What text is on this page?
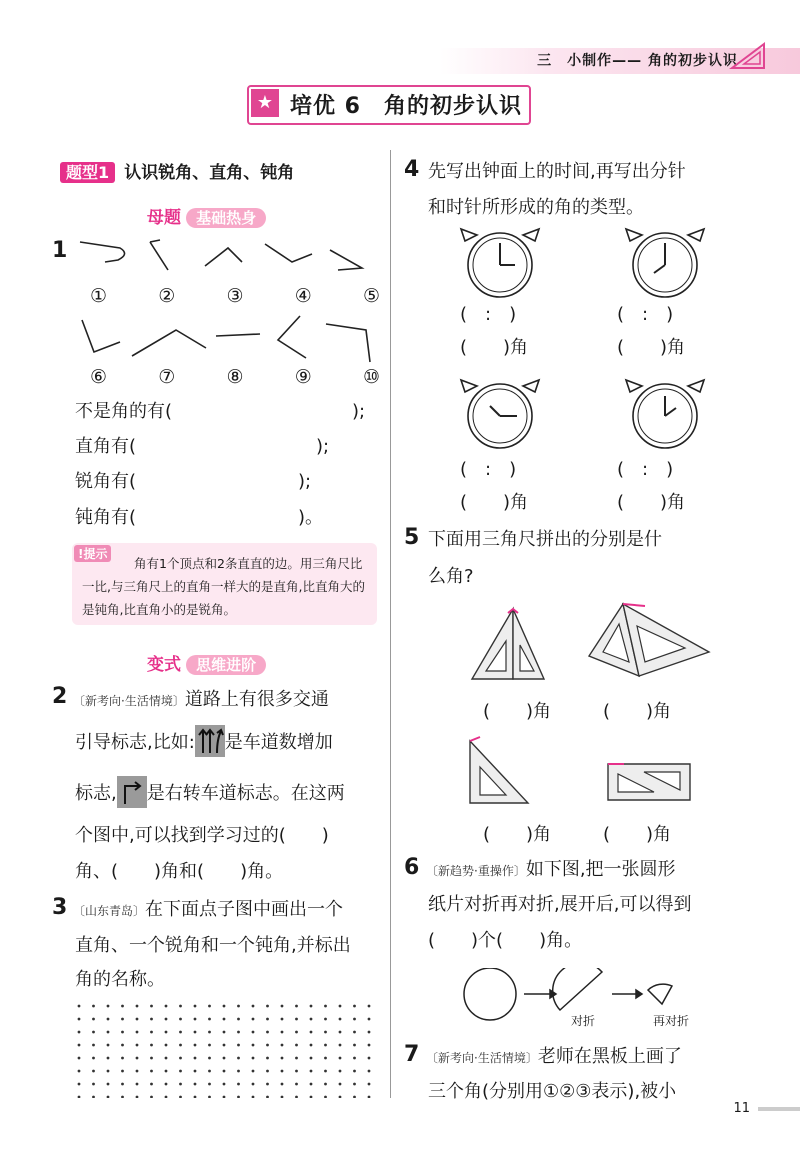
三　小制作—— 角的初步认识
★ 培优 6　角的初步认识
题型1 认识锐角、直角、钝角
母题 基础热身
1
①	②	③	④	⑤
⑥	⑦	⑧	⑨	⑩
不是角的有(　　　　　　　　　　);
直角有(　　　　　　　　　　);
锐角有(　　　　　　　　　);
钝角有(　　　　　　　　　)。
!提示
角有1个顶点和2条直直的边。用三角尺比一比,与三角尺上的直角一样大的是直角,比直角大的是钝角,比直角小的是锐角。
变式 思维进阶
2 〔新考向·生活情境〕道路上有很多交通
引导标志,比如: 是车道数增加
标志, 是右转车道标志。在这两
个图中,可以找到学习过的(　　)
角、(　　)角和(　　)角。
3 〔山东青岛〕在下面点子图中画出一个
直角、一个锐角和一个钝角,并标出
角的名称。
4 先写出钟面上的时间,再写出分针
和时针所形成的角的类型。
(　:　)	(　:　)
(　　)角	(　　)角
(　:　)	(　:　)
(　　)角	(　　)角
5 下面用三角尺拼出的分别是什
么角?
(　　)角	(　　)角
(　　)角	(　　)角
6 〔新趋势·重操作〕如下图,把一张圆形
纸片对折再对折,展开后,可以得到
(　　)个(　　)角。
对折	再对折
7 〔新考向·生活情境〕老师在黑板上画了
三个角(分别用①②③表示),被小
11
